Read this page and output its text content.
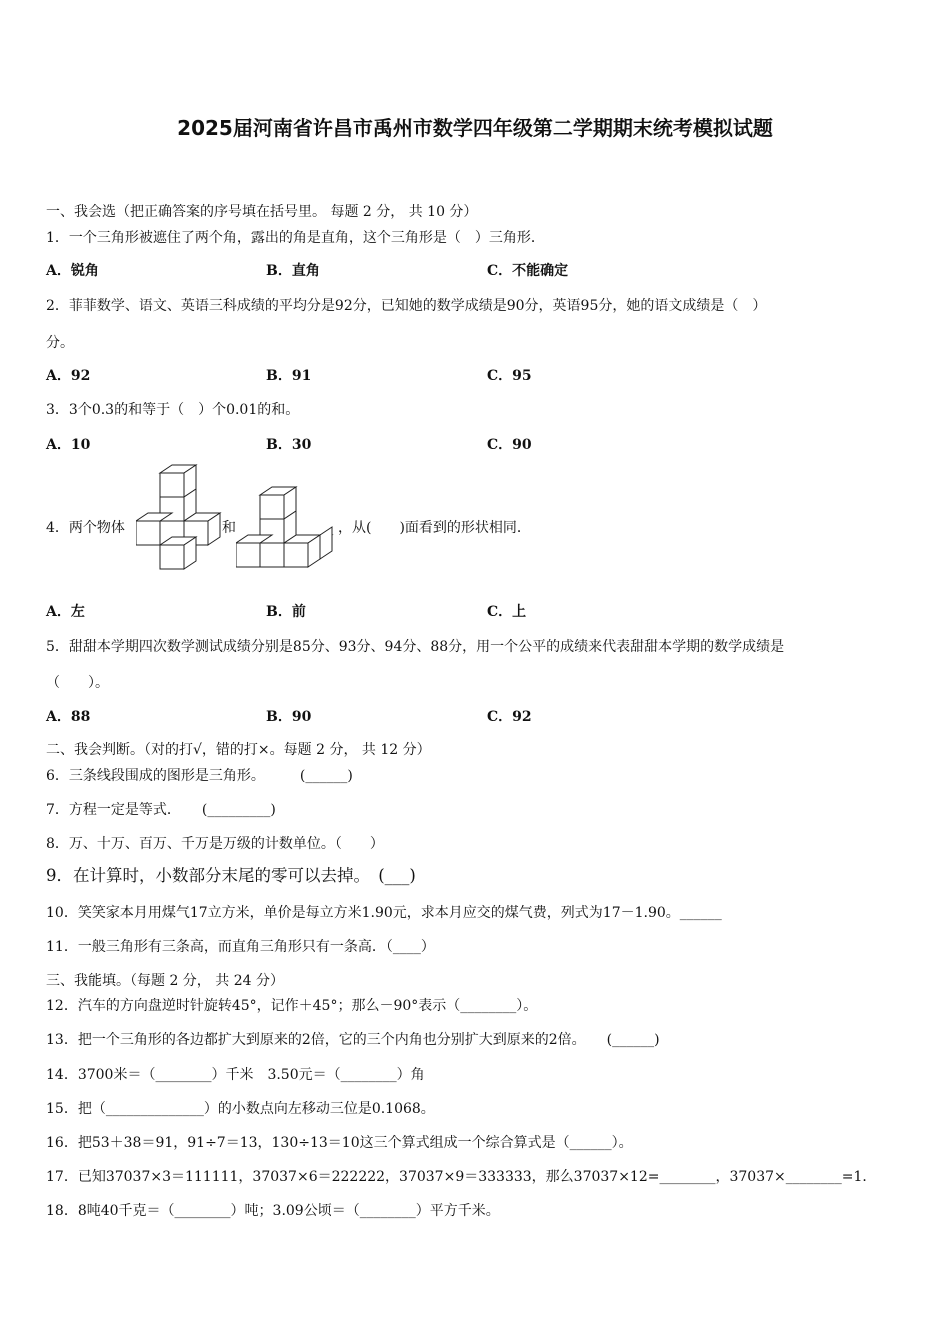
2025届河南省许昌市禹州市数学四年级第二学期期末统考模拟试题
一、我会选（把正确答案的序号填在括号里。 每题 2 分， 共 10 分）
1．一个三角形被遮住了两个角，露出的角是直角，这个三角形是（　）三角形．
A．锐角	B．直角	C．不能确定
2．菲菲数学、语文、英语三科成绩的平均分是92分，已知她的数学成绩是90分，英语95分，她的语文成绩是（　）
分。
A．92	B．91	C．95
3．3个0.3的和等于（　）个0.01的和。
A．10	B．30	C．90
4．两个物体	和	，从(　　)面看到的形状相同．
A．左	B．前	C．上
5．甜甜本学期四次数学测试成绩分别是85分、93分、94分、88分，用一个公平的成绩来代表甜甜本学期的数学成绩是
（　　）。
A．88	B．90	C．92
二、我会判断。（对的打√，错的打×。每题 2 分， 共 12 分）
6．三条线段围成的图形是三角形。　　　(______)
7．方程一定是等式．　　(_________)
8．万、十万、百万、千万是万级的计数单位。（　　）
9．在计算时，小数部分末尾的零可以去掉。　(___)
10．笑笑家本月用煤气17立方米，单价是每立方米1.90元，求本月应交的煤气费，列式为17－1.90。______
11．一般三角形有三条高，而直角三角形只有一条高．（____）
三、我能填。（每题 2 分， 共 24 分）
12．汽车的方向盘逆时针旋转45°，记作＋45°；那么－90°表示（________）。
13．把一个三角形的各边都扩大到原来的2倍，它的三个内角也分别扩大到原来的2倍。　　(______)
14．3700米＝（________）千米　3.50元＝（________）角
15．把（______________）的小数点向左移动三位是0.1068。
16．把53＋38＝91，91÷7＝13，130÷13＝10这三个算式组成一个综合算式是（______）。
17．已知37037×3＝111111，37037×6＝222222，37037×9＝333333，那么37037×12=________，37037×________=1．
18．8吨40千克＝（________）吨；3.09公顷＝（________）平方千米。
